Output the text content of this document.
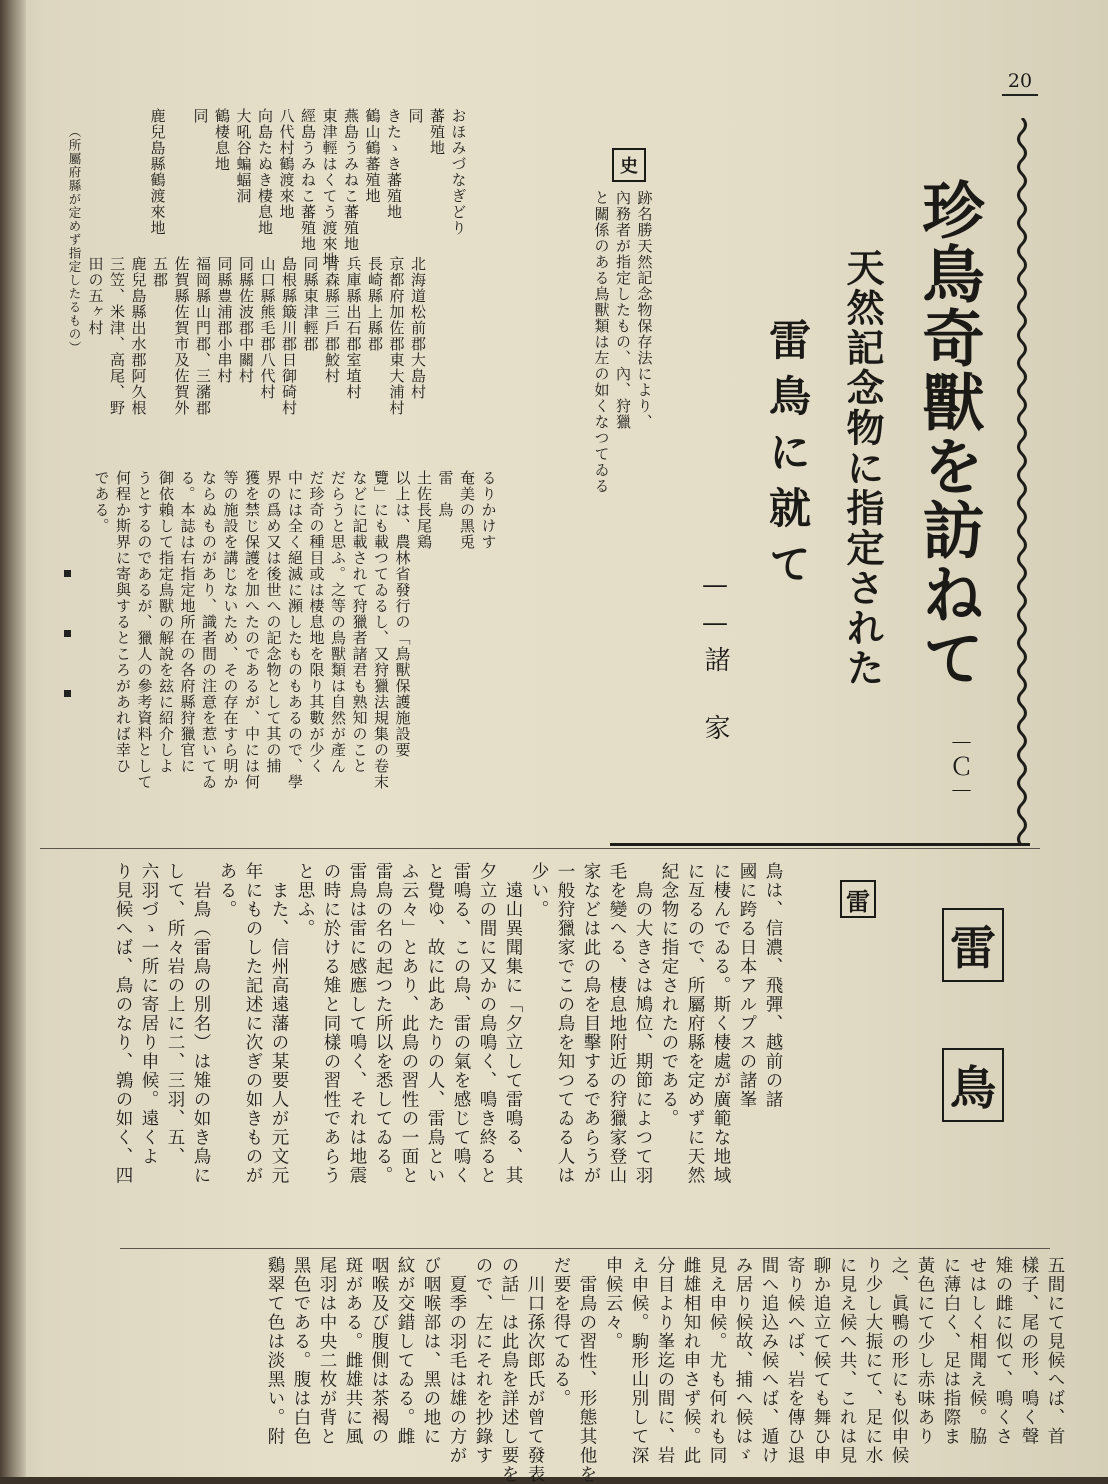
20
珍鳥奇獸を訪ねて
天然記念物に指定された
雷鳥に就て
——諸　家
－Ｃ－
史
跡名勝天然記念物保存法により、
內務者が指定したもの、內、狩獵
と關係のある鳥獸類は左の如くなつてゐる
おほみづなぎどり
蕃殖地
同
きたゝき蕃殖地
鶴山鶴蕃殖地
燕島うみねこ蕃殖地
東津輕はくてう渡來地
經島うみねこ蕃殖地
八代村鶴渡來地
向島たぬき棲息地
大吼谷蝙蝠洞
鶴棲息地
同

鹿兒島縣鶴渡來地

北海道松前郡大島村
京都府加佐郡東大浦村
長崎縣上縣郡
兵庫縣出石郡室埴村
青森縣三戶郡鮫村
同縣東津輕郡
島根縣簸川郡日御碕村
山口縣熊毛郡八代村
同縣佐波郡中關村
同縣豊浦郡小串村
福岡縣山門郡、三瀦郡
佐賀縣佐賀市及佐賀外
五郡
鹿兒島縣出水郡阿久根
三笠、米津、高尾、野
田の五ヶ村
（所屬府縣が定めず指定したるもの）
るりかけす
奄美の黑兎
雷　鳥
土佐長尾鶏
以上は、農林省發行の「鳥獸保護施設要
覽」にも載つてゐるし、又狩獵法規集の卷末
などに記載されて狩獵者諸君も熟知のこと
だらうと思ふ。之等の鳥獸類は自然が產ん
だ珍奇の種目或は棲息地を限り其數が少く
中には全く絕滅に瀕したものもあるので、學
界の爲め又は後世への記念物として其の捕
獲を禁じ保護を加へたのであるが、中には何
等の施設を講じないため、その存在すら明か
ならぬものがあり、識者間の注意を惹いてゐ
る。本誌は右指定地所在の各府縣狩獵官に
御依賴して指定鳥獸の解說を玆に紹介しよ
うとするのであるが、獵人の參考資料として
何程か斯界に寄與するところがあれば幸ひ
である。
雷
鳥
雷
鳥は、信濃、飛彈、越前の諸
國に跨る日本アルプスの諸峯
に棲んでゐる。斯く棲處が廣範な地域
に亙るので、所屬府縣を定めずに天然
紀念物に指定されたのである。
　鳥の大きさは鳩位、期節によつて羽
毛を變へる、棲息地附近の狩獵家登山
家などは此の鳥を目擊するであらうが
一般狩獵家でこの鳥を知つてゐる人は
少い。
　遠山異聞集に「夕立して雷鳴る、其
夕立の間に又かの鳥鳴く、鳴き終ると
雷鳴る、この鳥、雷の氣を感じて鳴く
と覺ゆ、故に此あたりの人、雷鳥とい
ふ云々」とあり、此鳥の習性の一面と
雷鳥の名の起つた所以を悉してゐる。
雷鳥は雷に感應して鳴く、それは地震
の時に於ける雉と同樣の習性であらう
と思ふ。
　また、信州高遠藩の某要人が元文元
年にものした記述に次ぎの如きものが
ある。
　岩鳥（雷鳥の別名）は雉の如き鳥に
して、所々岩の上に二、三羽、五、
六羽づゝ一所に寄居り申候。遠くよ
り見候へば、鳥のなり、鶉の如く、四
五間にて見候へば、首
樣子、尾の形、鳴く聲
雉の雌に似て、鳴くさ
せはしく相聞え候。脇
に薄白く、足は指際ま
黃色にて少し赤味あり
之、眞鴨の形にも似申候
り少し大振にて、足に水
に見え候へ共、これは見
聊か追立て候ても舞ひ申
寄り候へば、岩を傳ひ退
間へ追込み候へば、遁け
み居り候故、捕へ候はゞ
見え申候。尤も何れも同
雌雄相知れ申さず候。此
分目より峯迄の間に、岩
え申候。駒形山別して深
申候云々。
　雷鳥の習性、形態其他を
だ要を得てゐる。
　川口孫次郎氏が曾て發表
の話」は此鳥を詳述し要を
ので、左にそれを抄錄す
　夏季の羽毛は雄の方が
び咽喉部は、黑の地に
紋が交錯してゐる。雌
咽喉及び腹側は茶褐の
斑がある。雌雄共に風
尾羽は中央二枚が背と
黑色である。腹は白色
鷄翠て色は淡黑い。附
